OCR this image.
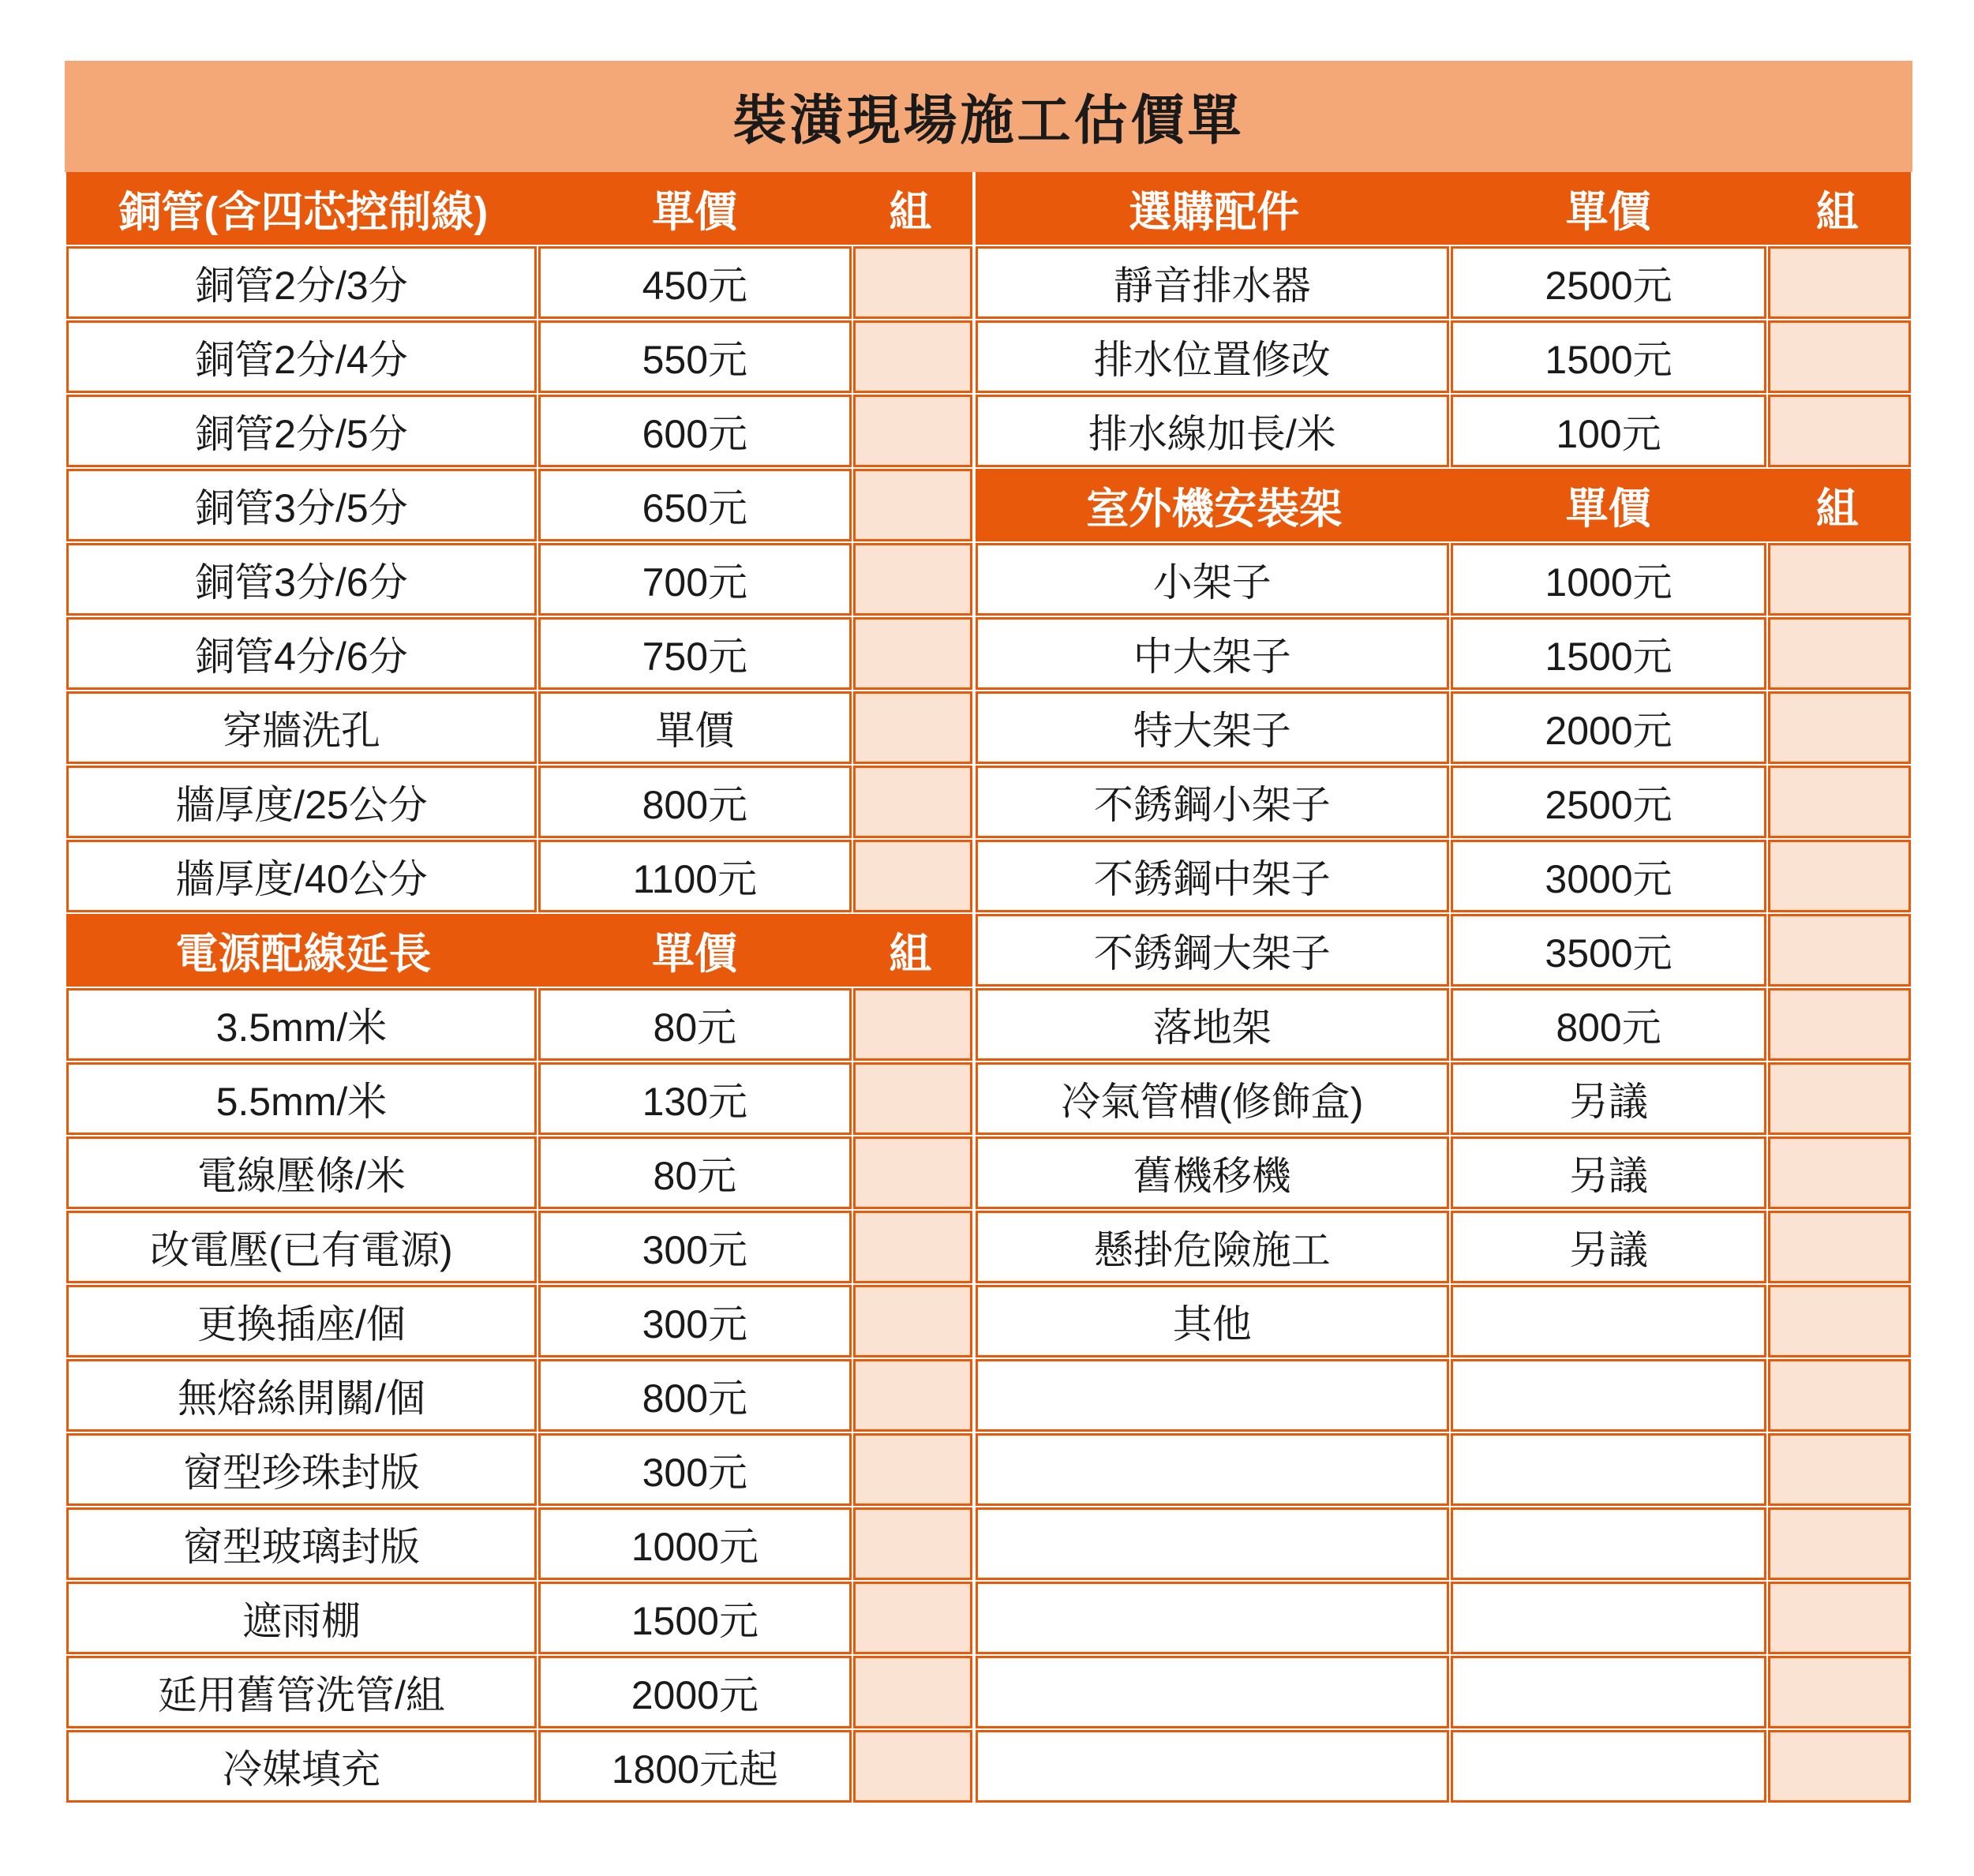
裝潢現場施工估價單
銅管(含四芯控制線) 單價 組		

銅管2分/3分	450元	
銅管2分/4分	550元	
銅管2分/5分	600元	
銅管3分/5分	650元	
銅管3分/6分	700元	
銅管4分/6分	750元	
穿牆洗孔	單價	
牆厚度/25公分	800元	
牆厚度/40公分	1100元	

電源配線延長 單價 組		

3.5mm/米	80元	
5.5mm/米	130元	
電線壓條/米	80元	
改電壓(已有電源)	300元	
更換插座/個	300元	
無熔絲開關/個	800元	
窗型珍珠封版	300元	
窗型玻璃封版	1000元	
遮雨棚	1500元	
延用舊管洗管/組	2000元	
冷媒填充	1800元起	
選購配件 單價 組		

靜音排水器	2500元	
排水位置修改	1500元	
排水線加長/米	100元	

室外機安裝架 單價 組		

小架子	1000元	
中大架子	1500元	
特大架子	2000元	
不銹鋼小架子	2500元	
不銹鋼中架子	3000元	
不銹鋼大架子	3500元	
落地架	800元	
冷氣管槽(修飾盒)	另議	
舊機移機	另議	
懸掛危險施工	另議	
其他		
